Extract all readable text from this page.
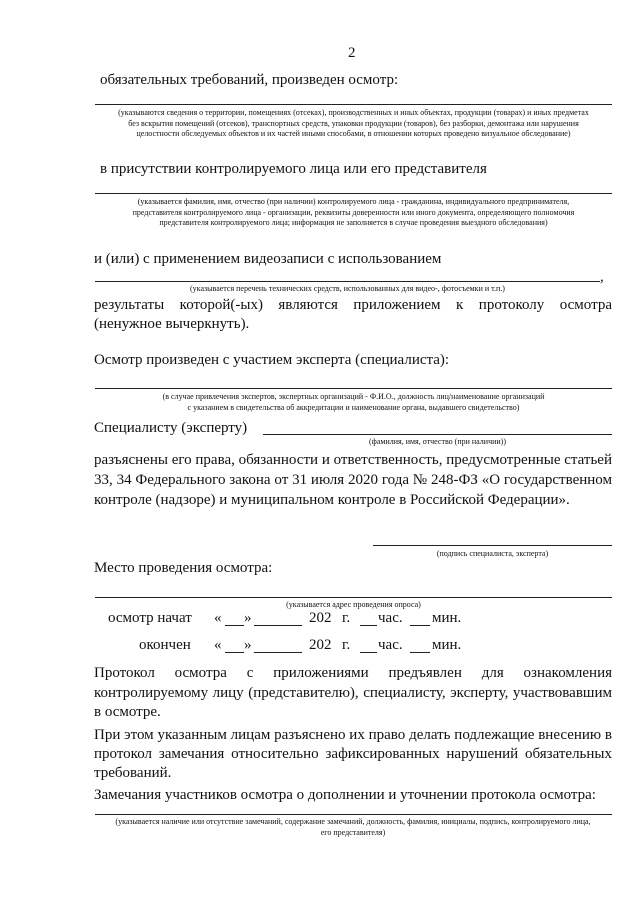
2
обязательных требований, произведен осмотр:
(указываются сведения о территории, помещениях (отсеках), производственных и иных объектах, продукции (товарах) и иных предметах
без вскрытия помещений (отсеков), транспортных средств, упаковки продукции (товаров), без разборки, демонтажа или нарушения
целостности обследуемых объектов и их частей иными способами, в отношении которых проведено визуальное обследование)
в присутствии контролируемого лица или его представителя
(указывается фамилия, имя, отчество (при наличии) контролируемого лица - гражданина, индивидуального предпринимателя,
представителя контролируемого лица - организации, реквизиты доверенности или иного документа, определяющего полномочия
представителя контролируемого лица; информация не заполняется в случае проведения выездного обследования)
и (или) с применением видеозаписи с использованием
,
(указывается перечень технических средств, использованных для видео-, фотосъемки и т.п.)
результаты которой(-ых) являются приложением к протоколу осмотра
(ненужное вычеркнуть).
Осмотр произведен с участием эксперта (специалиста):
(в случае привлечения экспертов, экспертных организаций - Ф.И.О., должность лиц/наименование организаций
с указанием в свидетельства об аккредитации и наименование органа, выдавшего свидетельство)
Специалисту (эксперту)
(фамилия, имя, отчество (при наличии))
разъяснены его права, обязанности и ответственность, предусмотренные статьей
33, 34 Федерального закона от 31 июля 2020 года № 248-ФЗ «О государственном
контроле (надзоре) и муниципальном контроле в Российской Федерации».
(подпись специалиста, эксперта)
Место проведения осмотра:
(указывается адрес проведения опроса)
осмотр начат « »	202 г. час. мин.
окончен « »	202 г. час. мин.
Протокол осмотра с приложениями предъявлен для ознакомления
контролируемому лицу (представителю), специалисту, эксперту, участвовавшим
в осмотре.
При этом указанным лицам разъяснено их право делать подлежащие внесению в
протокол замечания относительно зафиксированных нарушений обязательных
требований.
Замечания участников осмотра о дополнении и уточнении протокола осмотра:
(указывается наличие или отсутствие замечаний, содержание замечаний, должность, фамилия, инициалы, подпись, контролируемого лица,
его представителя)
